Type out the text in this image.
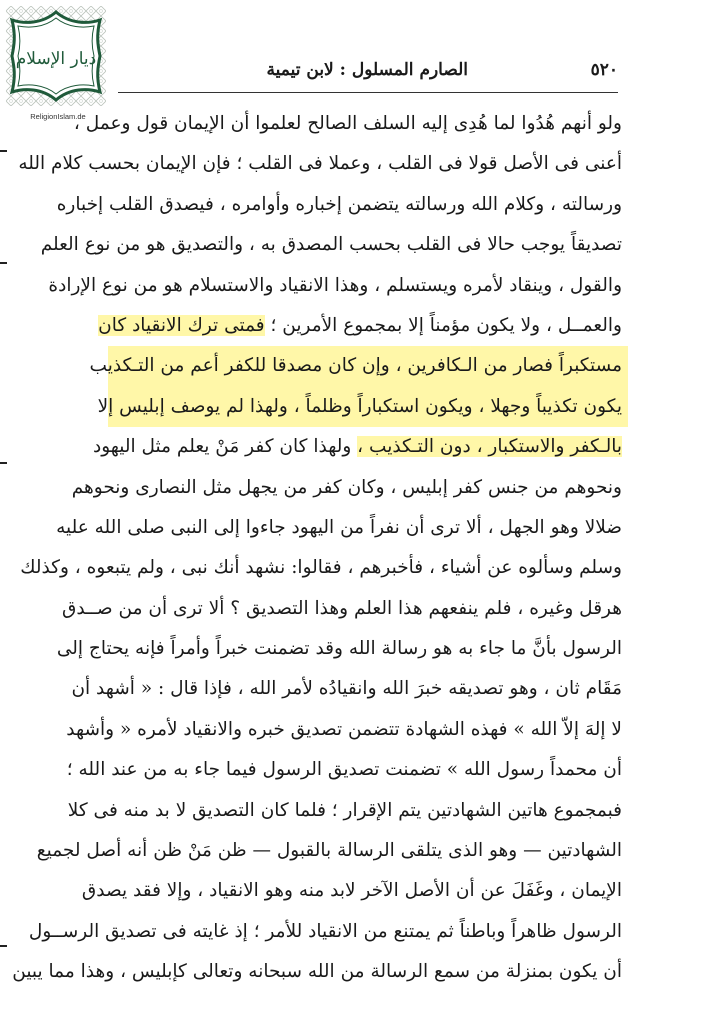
ديار الإسلام
ReligionIslam.de
٥٢٠
الصارم المسلول : لابن تيمية
ولو أنهم هُدُوا لما هُدِى إليه السلف الصالح لعلموا أن الإيمان قول وعمل ،
أعنى فى الأصل قولا فى القلب ، وعملا فى القلب ؛ فإن الإيمان بحسب كلام الله
ورسالته ، وكلام الله ورسالته يتضمن إخباره وأوامره ، فيصدق القلب إخباره
تصديقاً يوجب حالا فى القلب بحسب المصدق به ، والتصديق هو من نوع العلم
والقول ، وينقاد لأمره ويستسلم ، وهذا الانقياد والاستسلام هو من نوع الإرادة
والعمــل ، ولا يكون مؤمناً إلا بمجموع الأمرين ؛ فمتى ترك الانقياد كان
مستكبراً فصار من الـكافرين ، وإن كان مصدقا للكفر أعم من التـكذيب
يكون تكذيباً وجهلا ، ويكون استكباراً وظلماً ، ولهذا لم يوصف إبليس إلا
بالـكفر والاستكبار ، دون التـكذيب ، ولهذا كان كفر مَنْ يعلم مثل اليهود
ونحوهم من جنس كفر إبليس ، وكان كفر من يجهل مثل النصارى ونحوهم
ضلالا وهو الجهل ، ألا ترى أن نفراً من اليهود جاءوا إلى النبى صلى الله عليه
وسلم وسألوه عن أشياء ، فأخبرهم ، فقالوا: نشهد أنك نبى ، ولم يتبعوه ، وكذلك
هرقل وغيره ، فلم ينفعهم هذا العلم وهذا التصديق ؟ ألا ترى أن من صــدق
الرسول بأنَّ ما جاء به هو رسالة الله وقد تضمنت خبراً وأمراً فإنه يحتاج إلى
مَقَام ثان ، وهو تصديقه خبرَ الله وانقيادُه لأمر الله ، فإذا قال : « أشهد أن
لا إلهَ إلاّ الله » فهذه الشهادة تتضمن تصديق خبره والانقياد لأمره « وأشهد
أن محمداً رسول الله » تضمنت تصديق الرسول فيما جاء به من عند الله ؛
فبمجموع هاتين الشهادتين يتم الإقرار ؛ فلما كان التصديق لا بد منه فى كلا
الشهادتين — وهو الذى يتلقى الرسالة بالقبول — ظن مَنْ ظن أنه أصل لجميع
الإيمان ، وغَفَلَ عن أن الأصل الآخر لابد منه وهو الانقياد ، وإلا فقد يصدق
الرسول ظاهراً وباطناً ثم يمتنع من الانقياد للأمر ؛ إذ غايته فى تصديق الرســول
أن يكون بمنزلة من سمع الرسالة من الله سبحانه وتعالى كإبليس ، وهذا مما يبين
